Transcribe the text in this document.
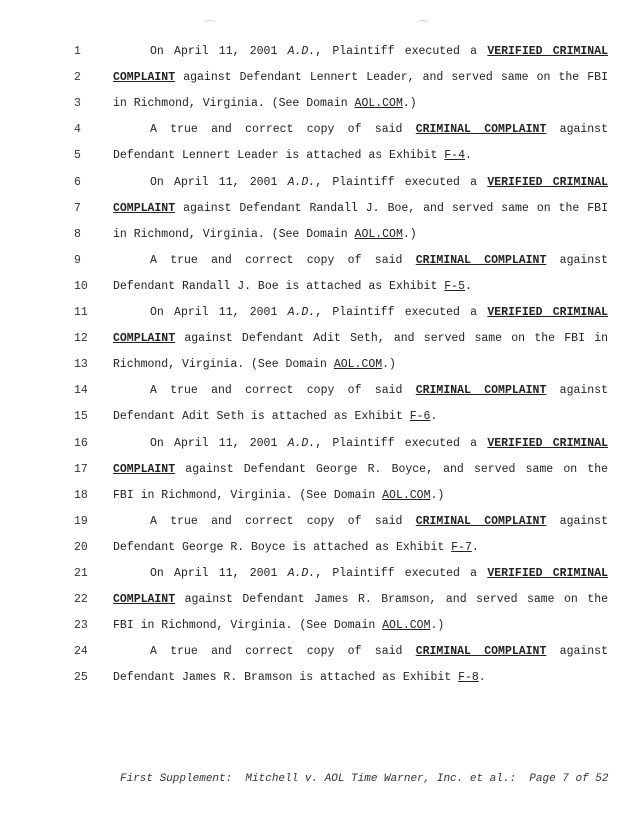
1
2
3
4
5
6
7
8
9
10
11
12
13
14
15
16
17
18
19
20
21
22
23
24
25
On April 11, 2001 A.D., Plaintiff executed a VERIFIED CRIMINAL
COMPLAINT against Defendant Lennert Leader, and served same on the FBI
in Richmond, Virginia. (See Domain AOL.COM.)
A true and correct copy of said CRIMINAL COMPLAINT against
Defendant Lennert Leader is attached as Exhibit F-4.
On April 11, 2001 A.D., Plaintiff executed a VERIFIED CRIMINAL
COMPLAINT against Defendant Randall J. Boe, and served same on the FBI
in Richmond, Virginia. (See Domain AOL.COM.)
A true and correct copy of said CRIMINAL COMPLAINT against
Defendant Randall J. Boe is attached as Exhibit F-5.
On April 11, 2001 A.D., Plaintiff executed a VERIFIED CRIMINAL
COMPLAINT against Defendant Adit Seth, and served same on the FBI in
Richmond, Virginia. (See Domain AOL.COM.)
A true and correct copy of said CRIMINAL COMPLAINT against
Defendant Adit Seth is attached as Exhibit F-6.
On April 11, 2001 A.D., Plaintiff executed a VERIFIED CRIMINAL
COMPLAINT against Defendant George R. Boyce, and served same on the
FBI in Richmond, Virginia. (See Domain AOL.COM.)
A true and correct copy of said CRIMINAL COMPLAINT against
Defendant George R. Boyce is attached as Exhibit F-7.
On April 11, 2001 A.D., Plaintiff executed a VERIFIED CRIMINAL
COMPLAINT against Defendant James R. Bramson, and served same on the
FBI in Richmond, Virginia. (See Domain AOL.COM.)
A true and correct copy of said CRIMINAL COMPLAINT against
Defendant James R. Bramson is attached as Exhibit F-8.
First Supplement:  Mitchell v. AOL Time Warner, Inc. et al.:  Page 7 of 52
